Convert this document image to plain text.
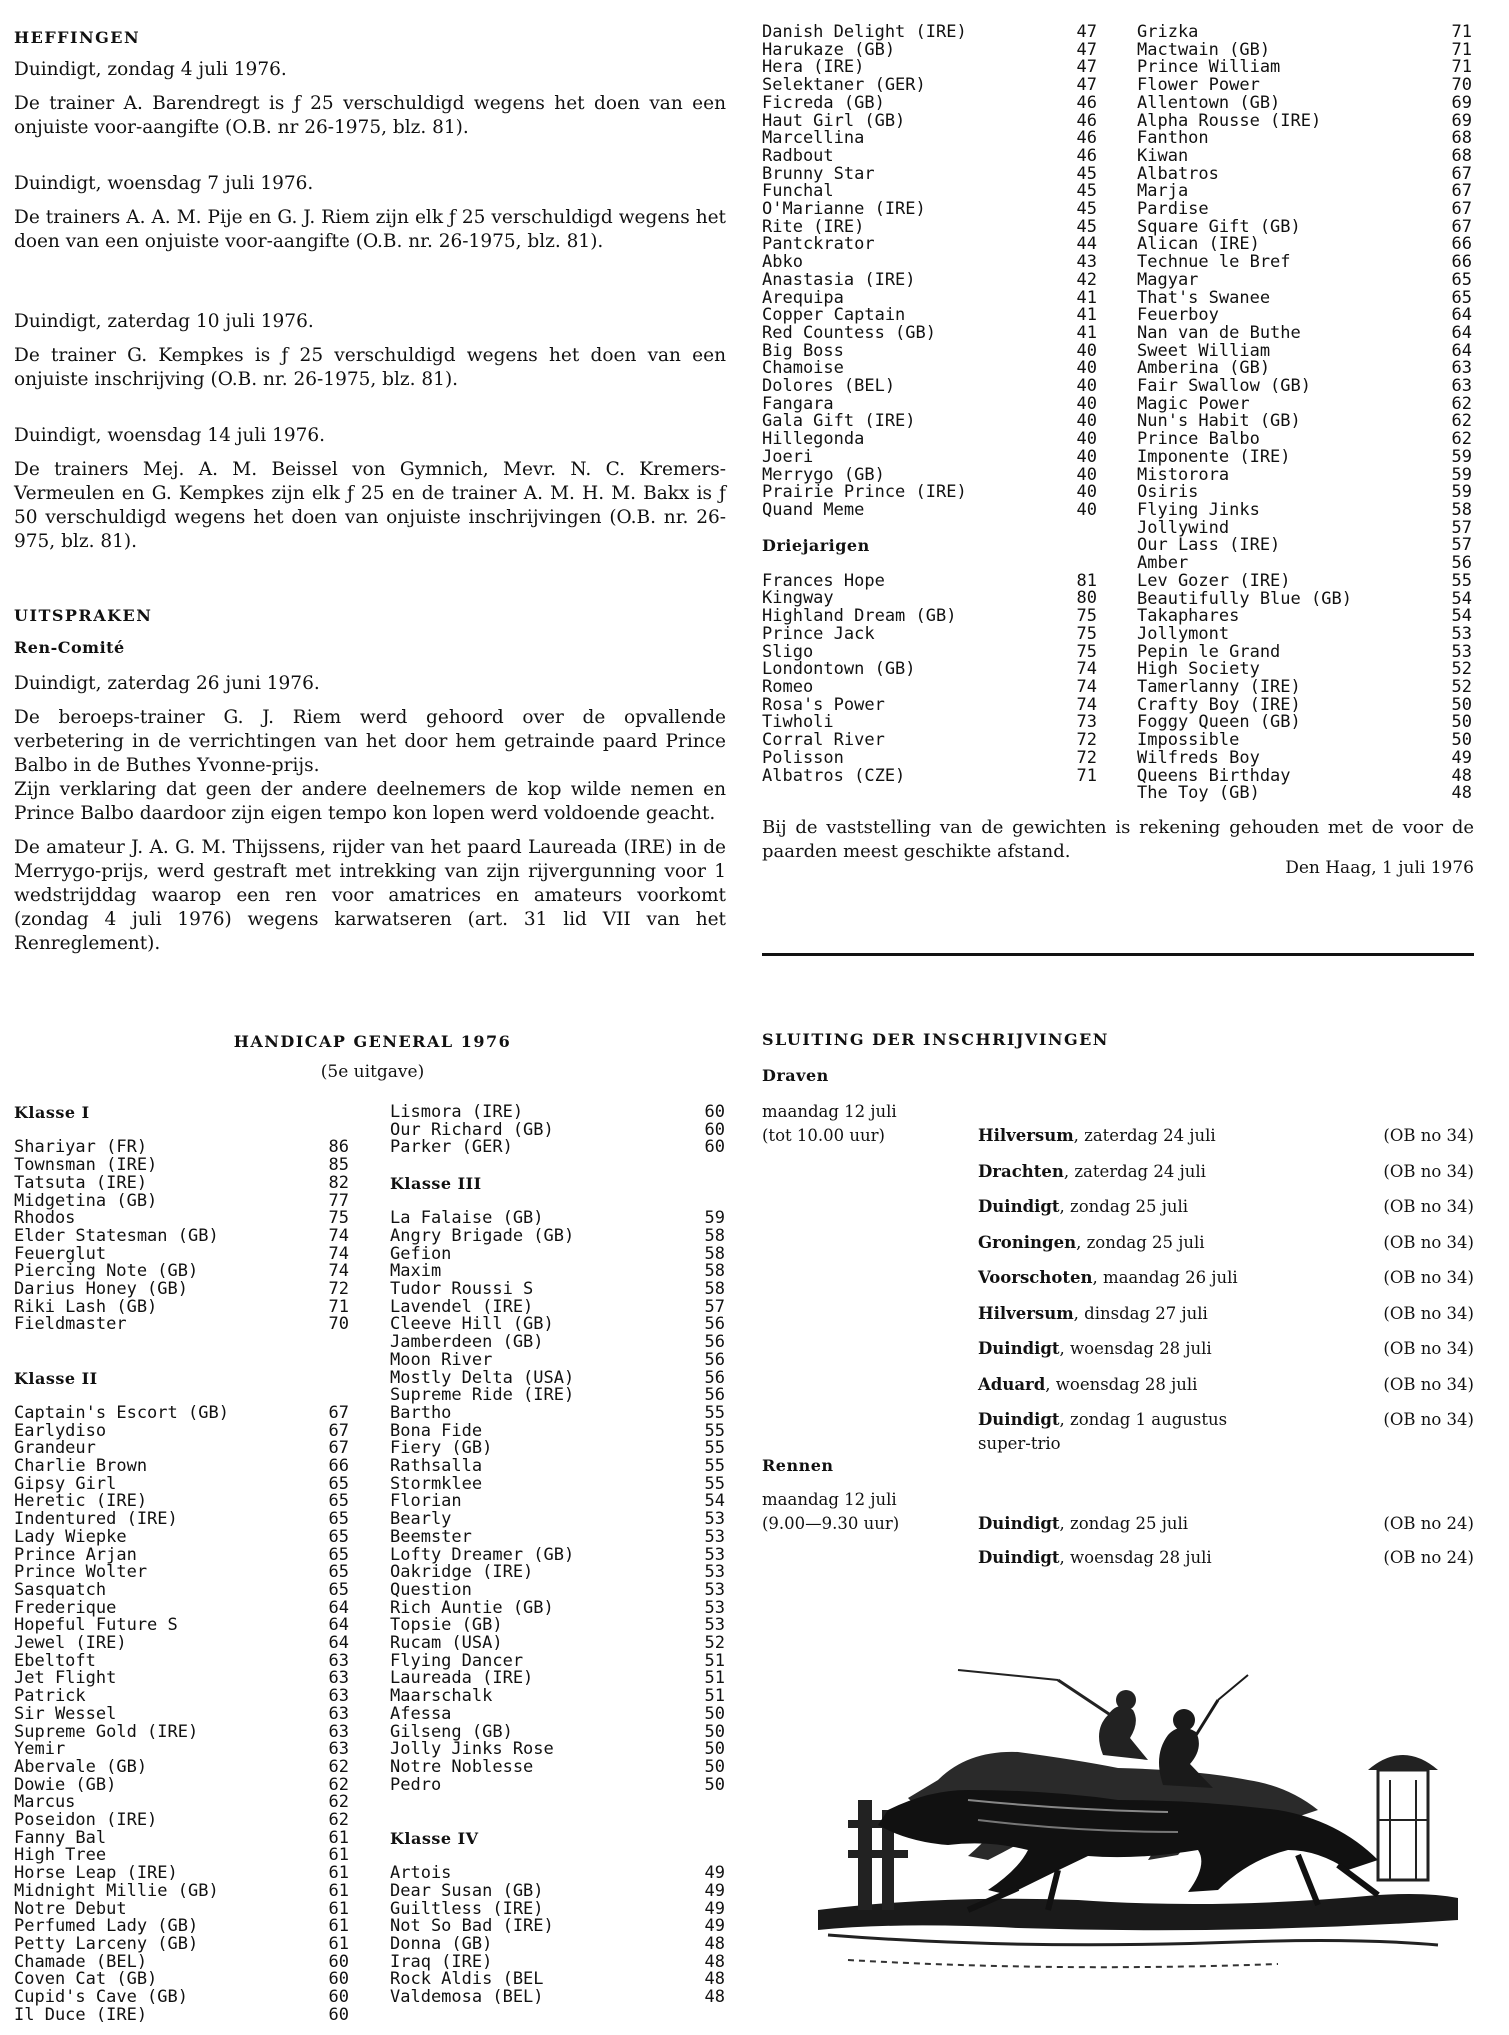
HEFFINGEN

Duindigt, zondag 4 juli 1976.

De trainer A. Barendregt is ƒ 25 verschuldigd wegens het doen van een onjuiste voor-aangifte (O.B. nr 26-1975, blz. 81).

Duindigt, woensdag 7 juli 1976.

De trainers A. A. M. Pije en G. J. Riem zijn elk ƒ 25 verschuldigd wegens het doen van een onjuiste voor-aangifte (O.B. nr. 26-1975, blz. 81).

Duindigt, zaterdag 10 juli 1976.

De trainer G. Kempkes is ƒ 25 verschuldigd wegens het doen van een onjuiste inschrijving (O.B. nr. 26-1975, blz. 81).

Duindigt, woensdag 14 juli 1976.

De trainers Mej. A. M. Beissel von Gymnich, Mevr. N. C. Kremers-Vermeulen en G. Kempkes zijn elk ƒ 25 en de trainer A. M. H. M. Bakx is ƒ 50 verschuldigd wegens het doen van onjuiste inschrijvingen (O.B. nr. 26-975, blz. 81).

UITSPRAKEN
Ren-Comité

Duindigt, zaterdag 26 juni 1976.

De beroeps-trainer G. J. Riem werd gehoord over de opvallende verbetering in de verrichtingen van het door hem getrainde paard Prince Balbo in de Buthes Yvonne-prijs.

Zijn verklaring dat geen der andere deelnemers de kop wilde nemen en Prince Balbo daardoor zijn eigen tempo kon lopen werd voldoende geacht.

De amateur J. A. G. M. Thijssens, rijder van het paard Laureada (IRE) in de Merrygo-prijs, werd gestraft met intrekking van zijn rijvergunning voor 1 wedstrijddag waarop een ren voor amatrices en amateurs voorkomt (zondag 4 juli 1976) wegens karwatseren (art. 31 lid VII van het Renreglement).

HANDICAP GENERAL 1976
(5e uitgave)
Klasse I
Shariyar (FR)	86
Townsman (IRE)	85
Tatsuta (IRE)	82
Midgetina (GB)	77
Rhodos	75
Elder Statesman (GB)	74
Feuerglut	74
Piercing Note (GB)	74
Darius Honey (GB)	72
Riki Lash (GB)	71
Fieldmaster	70
Klasse II
Captain's Escort (GB)	67
Earlydiso	67
Grandeur	67
Charlie Brown	66
Gipsy Girl	65
Heretic (IRE)	65
Indentured (IRE)	65
Lady Wiepke	65
Prince Arjan	65
Prince Wolter	65
Sasquatch	65
Frederique	64
Hopeful Future S	64
Jewel (IRE)	64
Ebeltoft	63
Jet Flight	63
Patrick	63
Sir Wessel	63
Supreme Gold (IRE)	63
Yemir	63
Abervale (GB)	62
Dowie (GB)	62
Marcus	62
Poseidon (IRE)	62
Fanny Bal	61
High Tree	61
Horse Leap (IRE)	61
Midnight Millie (GB)	61
Notre Debut	61
Perfumed Lady (GB)	61
Petty Larceny (GB)	61
Chamade (BEL)	60
Coven Cat (GB)	60
Cupid's Cave (GB)	60
Il Duce (IRE)	60
Lismora (IRE)	60
Our Richard (GB)	60
Parker (GER)	60
Klasse III
La Falaise (GB)	59
Angry Brigade (GB)	58
Gefion	58
Maxim	58
Tudor Roussi S	58
Lavendel (IRE)	57
Cleeve Hill (GB)	56
Jamberdeen (GB)	56
Moon River	56
Mostly Delta (USA)	56
Supreme Ride (IRE)	56
Bartho	55
Bona Fide	55
Fiery (GB)	55
Rathsalla	55
Stormklee	55
Florian	54
Bearly	53
Beemster	53
Lofty Dreamer (GB)	53
Oakridge (IRE)	53
Question	53
Rich Auntie (GB)	53
Topsie (GB)	53
Rucam (USA)	52
Flying Dancer	51
Laureada (IRE)	51
Maarschalk	51
Afessa	50
Gilseng (GB)	50
Jolly Jinks Rose	50
Notre Noblesse	50
Pedro	50
Klasse IV
Artois	49
Dear Susan (GB)	49
Guiltless (IRE)	49
Not So Bad (IRE)	49
Donna (GB)	48
Iraq (IRE)	48
Rock Aldis (BEL	48
Valdemosa (BEL)	48
Danish Delight (IRE)	47
Harukaze (GB)	47
Hera (IRE)	47
Selektaner (GER)	47
Ficreda (GB)	46
Haut Girl (GB)	46
Marcellina	46
Radbout	46
Brunny Star	45
Funchal	45
O'Marianne (IRE)	45
Rite (IRE)	45
Pantckrator	44
Abko	43
Anastasia (IRE)	42
Arequipa	41
Copper Captain	41
Red Countess (GB)	41
Big Boss	40
Chamoise	40
Dolores (BEL)	40
Fangara	40
Gala Gift (IRE)	40
Hillegonda	40
Joeri	40
Merrygo (GB)	40
Prairie Prince (IRE)	40
Quand Meme	40
Driejarigen
Frances Hope	81
Kingway	80
Highland Dream (GB)	75
Prince Jack	75
Sligo	75
Londontown (GB)	74
Romeo	74
Rosa's Power	74
Tiwholi	73
Corral River	72
Polisson	72
Albatros (CZE)	71
Grizka	71
Mactwain (GB)	71
Prince William	71
Flower Power	70
Allentown (GB)	69
Alpha Rousse (IRE)	69
Fanthon	68
Kiwan	68
Albatros	67
Marja	67
Pardise	67
Square Gift (GB)	67
Alican (IRE)	66
Technue le Bref	66
Magyar	65
That's Swanee	65
Feuerboy	64
Nan van de Buthe	64
Sweet William	64
Amberina (GB)	63
Fair Swallow (GB)	63
Magic Power	62
Nun's Habit (GB)	62
Prince Balbo	62
Imponente (IRE)	59
Mistorora	59
Osiris	59
Flying Jinks	58
Jollywind	57
Our Lass (IRE)	57
Amber	56
Lev Gozer (IRE)	55
Beautifully Blue (GB)	54
Takaphares	54
Jollymont	53
Pepin le Grand	53
High Society	52
Tamerlanny (IRE)	52
Crafty Boy (IRE)	50
Foggy Queen (GB)	50
Impossible	50
Wilfreds Boy	49
Queens Birthday	48
The Toy (GB)	48
Bij de vaststelling van de gewichten is rekening gehouden met de voor de paarden meest geschikte afstand.
Den Haag, 1 juli 1976
SLUITING DER INSCHRIJVINGEN
Draven
maandag 12 juli
(tot 10.00 uur)	Hilversum, zaterdag 24 juli	(OB no 34)
Drachten, zaterdag 24 juli	(OB no 34)
Duindigt, zondag 25 juli	(OB no 34)
Groningen, zondag 25 juli	(OB no 34)
Voorschoten, maandag 26 juli	(OB no 34)
Hilversum, dinsdag 27 juli	(OB no 34)
Duindigt, woensdag 28 juli	(OB no 34)
Aduard, woensdag 28 juli	(OB no 34)
Duindigt, zondag 1 augustus	(OB no 34)
super-trio
Rennen
maandag 12 juli
(9.00—9.30 uur)	Duindigt, zondag 25 juli	(OB no 24)
Duindigt, woensdag 28 juli	(OB no 24)
